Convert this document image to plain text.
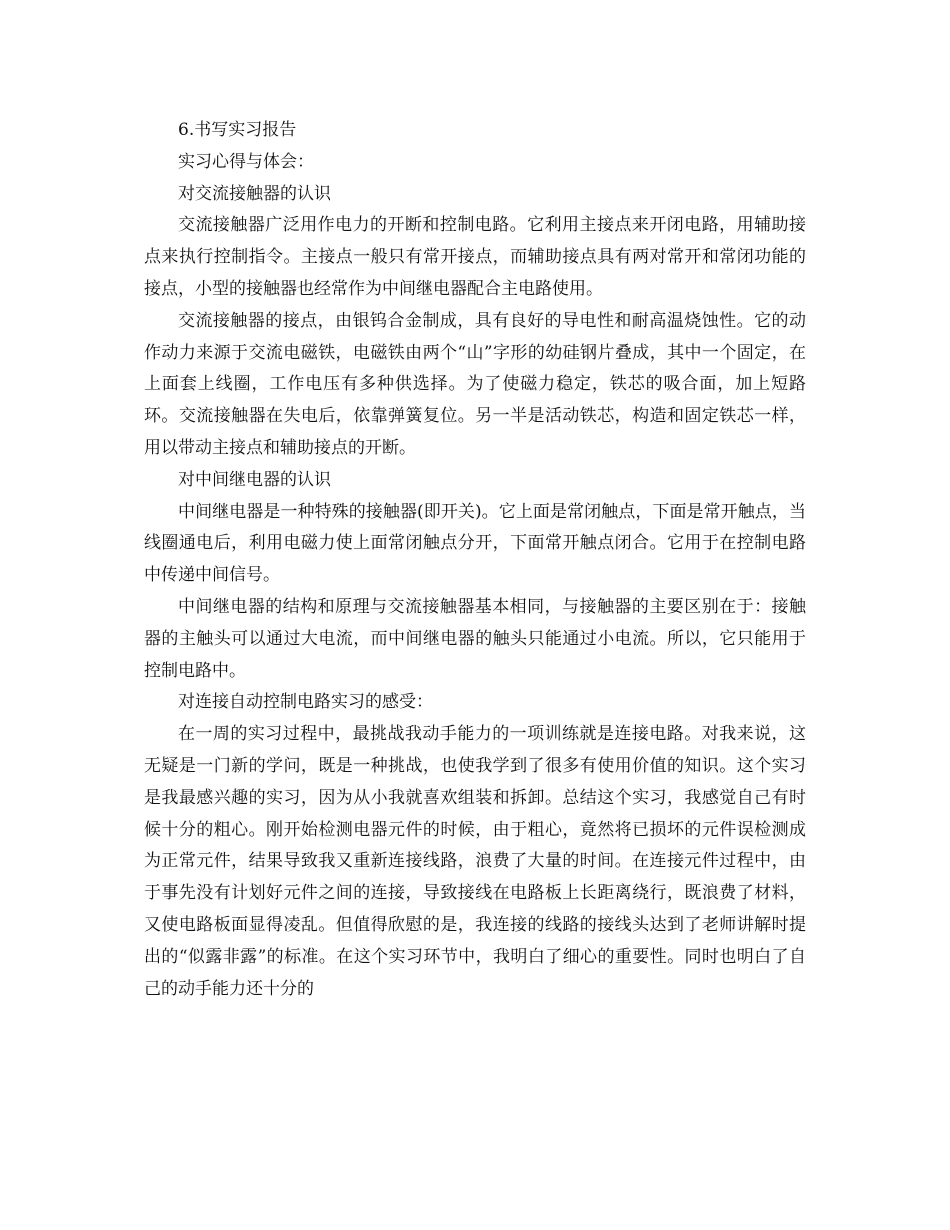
6.书写实习报告

实习心得与体会：

对交流接触器的认识

交流接触器广泛用作电力的开断和控制电路。它利用主接点来开闭电路，用辅助接点来执行控制指令。主接点一般只有常开接点，而辅助接点具有两对常开和常闭功能的接点，小型的接触器也经常作为中间继电器配合主电路使用。

交流接触器的接点，由银钨合金制成，具有良好的导电性和耐高温烧蚀性。它的动作动力来源于交流电磁铁，电磁铁由两个“山”字形的幼硅钢片叠成，其中一个固定，在上面套上线圈，工作电压有多种供选择。为了使磁力稳定，铁芯的吸合面，加上短路环。交流接触器在失电后，依靠弹簧复位。另一半是活动铁芯，构造和固定铁芯一样，用以带动主接点和辅助接点的开断。

对中间继电器的认识

中间继电器是一种特殊的接触器(即开关)。它上面是常闭触点，下面是常开触点，当线圈通电后，利用电磁力使上面常闭触点分开，下面常开触点闭合。它用于在控制电路中传递中间信号。

中间继电器的结构和原理与交流接触器基本相同，与接触器的主要区别在于：接触器的主触头可以通过大电流，而中间继电器的触头只能通过小电流。所以，它只能用于控制电路中。

对连接自动控制电路实习的感受：

在一周的实习过程中，最挑战我动手能力的一项训练就是连接电路。对我来说，这无疑是一门新的学问，既是一种挑战，也使我学到了很多有使用价值的知识。这个实习是我最感兴趣的实习，因为从小我就喜欢组装和拆卸。总结这个实习，我感觉自己有时候十分的粗心。刚开始检测电器元件的时候，由于粗心，竟然将已损坏的元件误检测成为正常元件，结果导致我又重新连接线路，浪费了大量的时间。在连接元件过程中，由于事先没有计划好元件之间的连接，导致接线在电路板上长距离绕行，既浪费了材料，又使电路板面显得凌乱。但值得欣慰的是，我连接的线路的接线头达到了老师讲解时提出的“似露非露”的标准。在这个实习环节中，我明白了细心的重要性。同时也明白了自己的动手能力还十分的
